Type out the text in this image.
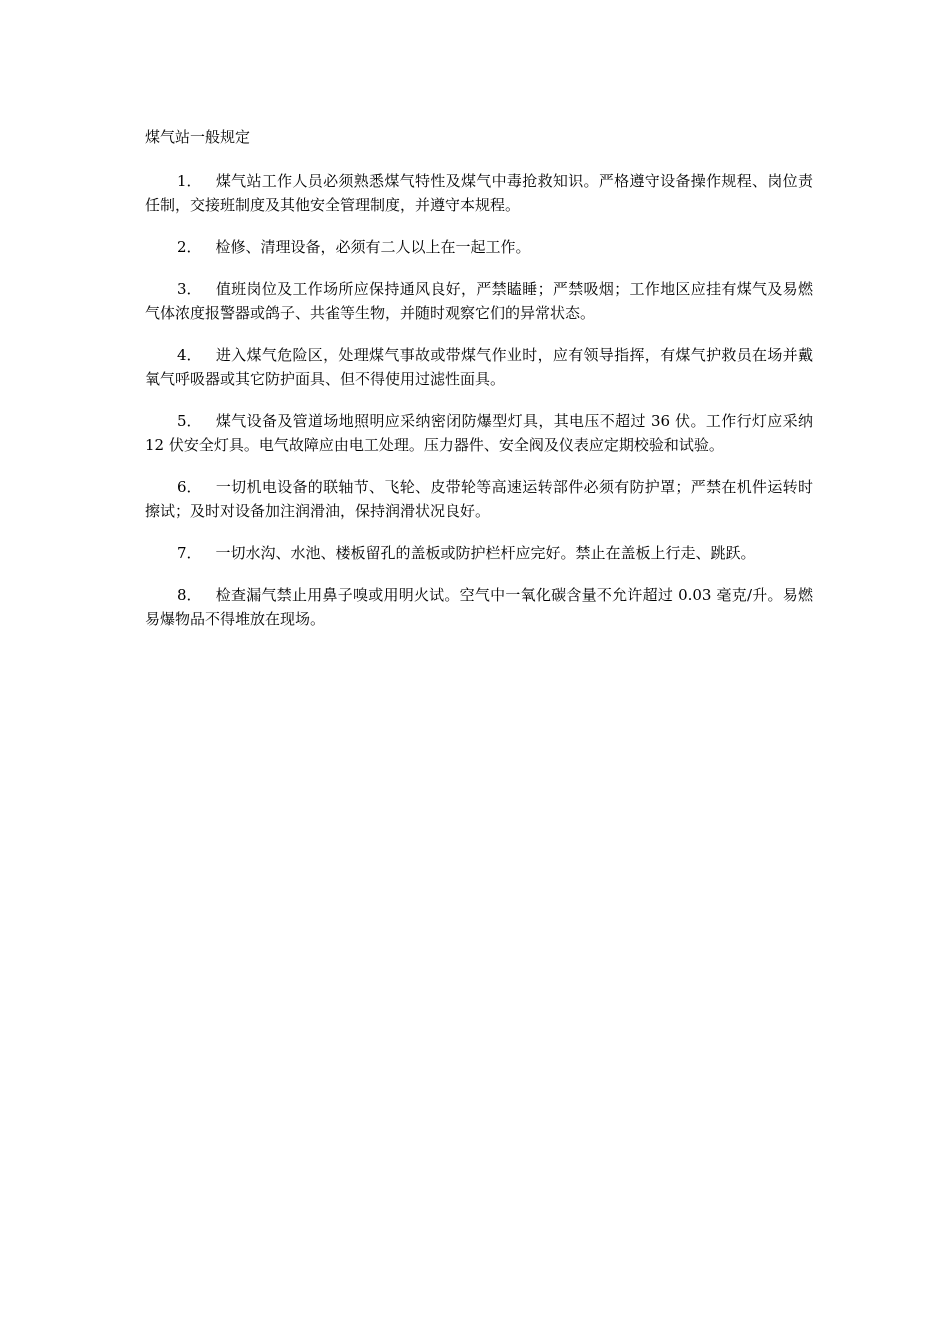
煤气站一般规定

1． 煤气站工作人员必须熟悉煤气特性及煤气中毒抢救知识。严格遵守设备操作规程、岗位责任制，交接班制度及其他安全管理制度，并遵守本规程。

2． 检修、清理设备，必须有二人以上在一起工作。

3． 值班岗位及工作场所应保持通风良好，严禁瞌睡；严禁吸烟；工作地区应挂有煤气及易燃气体浓度报警器或鸽子、共雀等生物，并随时观察它们的异常状态。

4． 进入煤气危险区，处理煤气事故或带煤气作业时，应有领导指挥，有煤气护救员在场并戴氧气呼吸器或其它防护面具、但不得使用过滤性面具。

5． 煤气设备及管道场地照明应采纳密闭防爆型灯具，其电压不超过 36 伏。工作行灯应采纳 12 伏安全灯具。电气故障应由电工处理。压力器件、安全阀及仪表应定期校验和试验。

6． 一切机电设备的联轴节、飞轮、皮带轮等高速运转部件必须有防护罩；严禁在机件运转时擦试；及时对设备加注润滑油，保持润滑状况良好。

7． 一切水沟、水池、楼板留孔的盖板或防护栏杆应完好。禁止在盖板上行走、跳跃。

8． 检查漏气禁止用鼻子嗅或用明火试。空气中一氧化碳含量不允许超过 0.03 毫克/升。易燃易爆物品不得堆放在现场。
